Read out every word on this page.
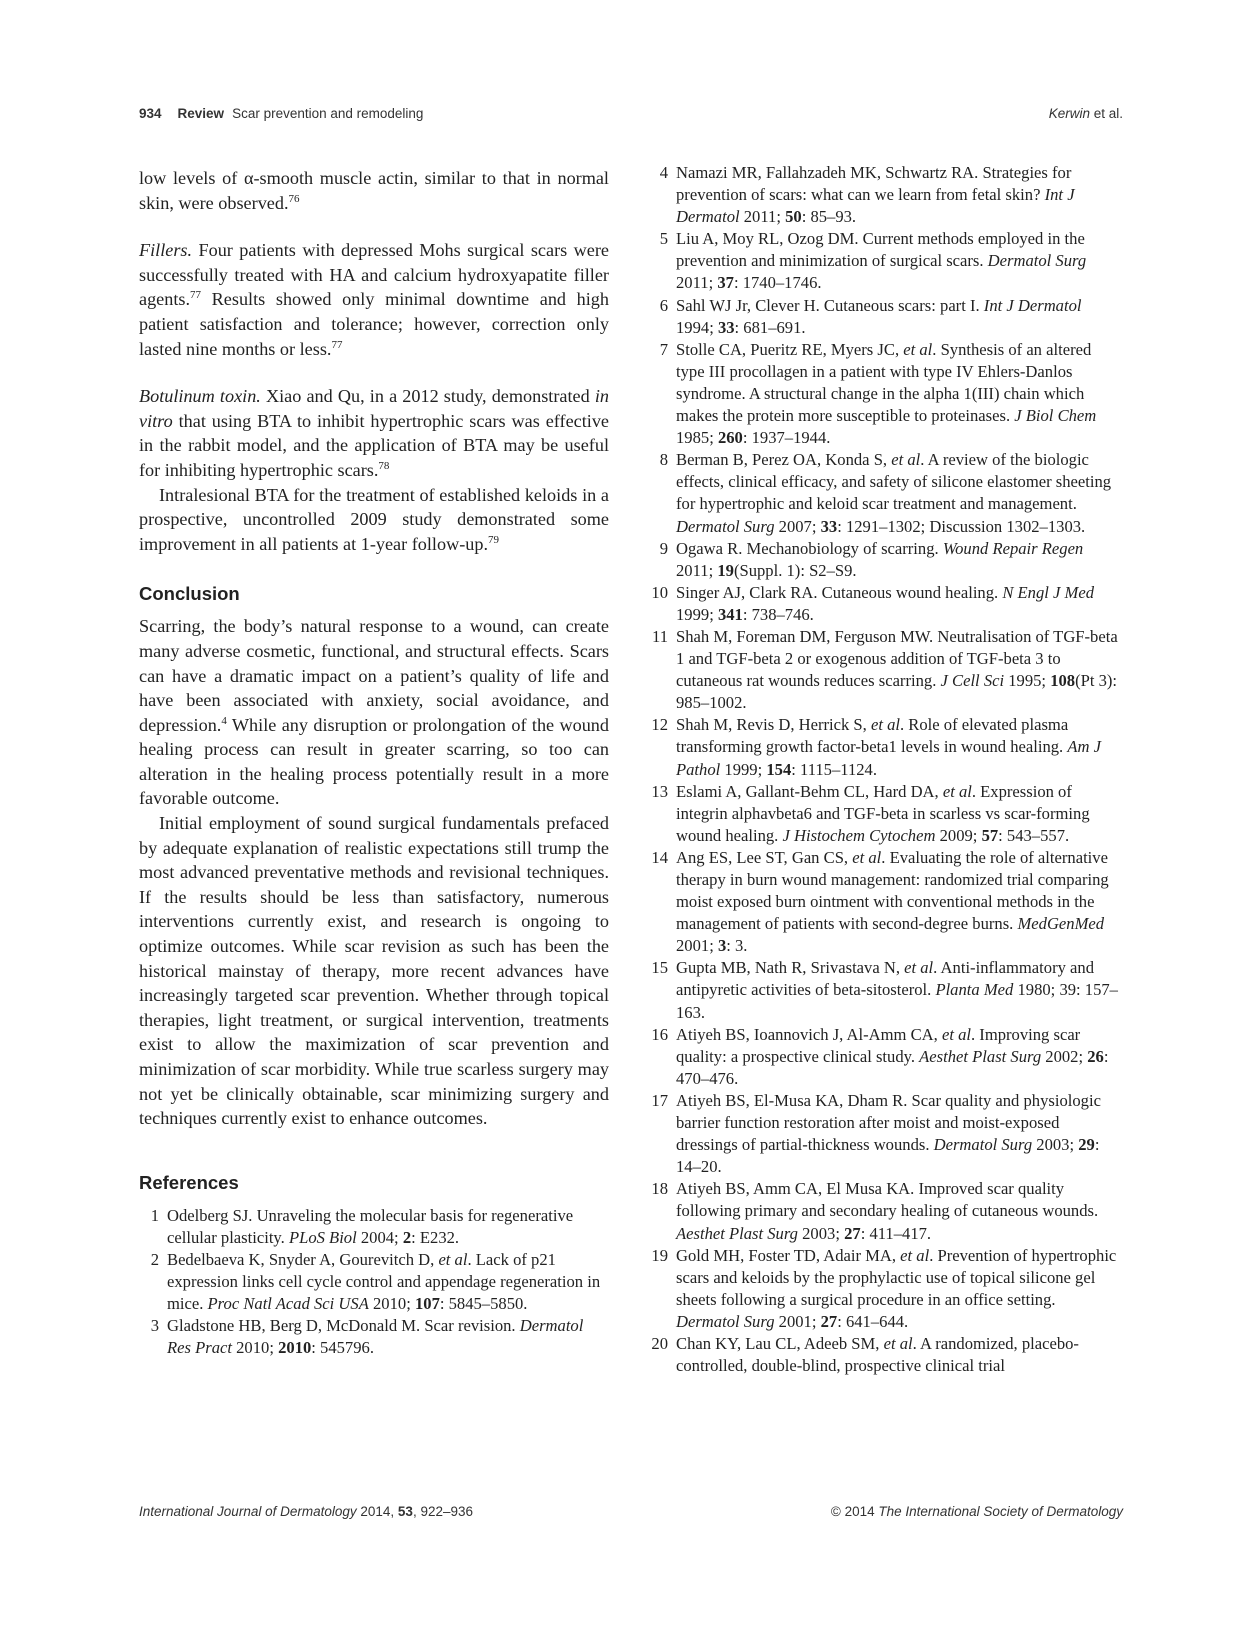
934 Review Scar prevention and remodeling	Kerwin et al.

low levels of α-smooth muscle actin, similar to that in normal skin, were observed.$^{76}$

Fillers. Four patients with depressed Mohs surgical scars were successfully treated with HA and calcium hydroxyapatite filler agents.$^{77}$ Results showed only minimal downtime and high patient satisfaction and tolerance; however, correction only lasted nine months or less.$^{77}$

Botulinum toxin. Xiao and Qu, in a 2012 study, demonstrated in vitro that using BTA to inhibit hypertrophic scars was effective in the rabbit model, and the application of BTA may be useful for inhibiting hypertrophic scars.$^{78}$

Intralesional BTA for the treatment of established keloids in a prospective, uncontrolled 2009 study demonstrated some improvement in all patients at 1-year follow-up.$^{79}$

Conclusion

Scarring, the body’s natural response to a wound, can create many adverse cosmetic, functional, and structural effects. Scars can have a dramatic impact on a patient’s quality of life and have been associated with anxiety, social avoidance, and depression.$^4$ While any disruption or prolongation of the wound healing process can result in greater scarring, so too can alteration in the healing process potentially result in a more favorable outcome.

Initial employment of sound surgical fundamentals prefaced by adequate explanation of realistic expectations still trump the most advanced preventative methods and revisional techniques. If the results should be less than satisfactory, numerous interventions currently exist, and research is ongoing to optimize outcomes. While scar revision as such has been the historical mainstay of therapy, more recent advances have increasingly targeted scar prevention. Whether through topical therapies, light treatment, or surgical intervention, treatments exist to allow the maximization of scar prevention and minimization of scar morbidity. While true scarless surgery may not yet be clinically obtainable, scar minimizing surgery and techniques currently exist to enhance outcomes.

References
1 Odelberg SJ. Unraveling the molecular basis for regenerative cellular plasticity. PLoS Biol 2004; 2: E232.
2 Bedelbaeva K, Snyder A, Gourevitch D, et al. Lack of p21 expression links cell cycle control and appendage regeneration in mice. Proc Natl Acad Sci USA 2010; 107: 5845–5850.
3 Gladstone HB, Berg D, McDonald M. Scar revision. Dermatol Res Pract 2010; 2010: 545796.
4 Namazi MR, Fallahzadeh MK, Schwartz RA. Strategies for prevention of scars: what can we learn from fetal skin? Int J Dermatol 2011; 50: 85–93.
5 Liu A, Moy RL, Ozog DM. Current methods employed in the prevention and minimization of surgical scars. Dermatol Surg 2011; 37: 1740–1746.
6 Sahl WJ Jr, Clever H. Cutaneous scars: part I. Int J Dermatol 1994; 33: 681–691.
7 Stolle CA, Pueritz RE, Myers JC, et al. Synthesis of an altered type III procollagen in a patient with type IV Ehlers-Danlos syndrome. A structural change in the alpha 1(III) chain which makes the protein more susceptible to proteinases. J Biol Chem 1985; 260: 1937–1944.
8 Berman B, Perez OA, Konda S, et al. A review of the biologic effects, clinical efficacy, and safety of silicone elastomer sheeting for hypertrophic and keloid scar treatment and management. Dermatol Surg 2007; 33: 1291–1302; Discussion 1302–1303.
9 Ogawa R. Mechanobiology of scarring. Wound Repair Regen 2011; 19(Suppl. 1): S2–S9.
10 Singer AJ, Clark RA. Cutaneous wound healing. N Engl J Med 1999; 341: 738–746.
11 Shah M, Foreman DM, Ferguson MW. Neutralisation of TGF-beta 1 and TGF-beta 2 or exogenous addition of TGF-beta 3 to cutaneous rat wounds reduces scarring. J Cell Sci 1995; 108(Pt 3): 985–1002.
12 Shah M, Revis D, Herrick S, et al. Role of elevated plasma transforming growth factor-beta1 levels in wound healing. Am J Pathol 1999; 154: 1115–1124.
13 Eslami A, Gallant-Behm CL, Hard DA, et al. Expression of integrin alphavbeta6 and TGF-beta in scarless vs scar-forming wound healing. J Histochem Cytochem 2009; 57: 543–557.
14 Ang ES, Lee ST, Gan CS, et al. Evaluating the role of alternative therapy in burn wound management: randomized trial comparing moist exposed burn ointment with conventional methods in the management of patients with second-degree burns. MedGenMed 2001; 3: 3.
15 Gupta MB, Nath R, Srivastava N, et al. Anti-inflammatory and antipyretic activities of beta-sitosterol. Planta Med 1980; 39: 157–163.
16 Atiyeh BS, Ioannovich J, Al-Amm CA, et al. Improving scar quality: a prospective clinical study. Aesthet Plast Surg 2002; 26: 470–476.
17 Atiyeh BS, El-Musa KA, Dham R. Scar quality and physiologic barrier function restoration after moist and moist-exposed dressings of partial-thickness wounds. Dermatol Surg 2003; 29: 14–20.
18 Atiyeh BS, Amm CA, El Musa KA. Improved scar quality following primary and secondary healing of cutaneous wounds. Aesthet Plast Surg 2003; 27: 411–417.
19 Gold MH, Foster TD, Adair MA, et al. Prevention of hypertrophic scars and keloids by the prophylactic use of topical silicone gel sheets following a surgical procedure in an office setting. Dermatol Surg 2001; 27: 641–644.
20 Chan KY, Lau CL, Adeeb SM, et al. A randomized, placebo-controlled, double-blind, prospective clinical trial
International Journal of Dermatology 2014, 53, 922–936	© 2014 The International Society of Dermatology
